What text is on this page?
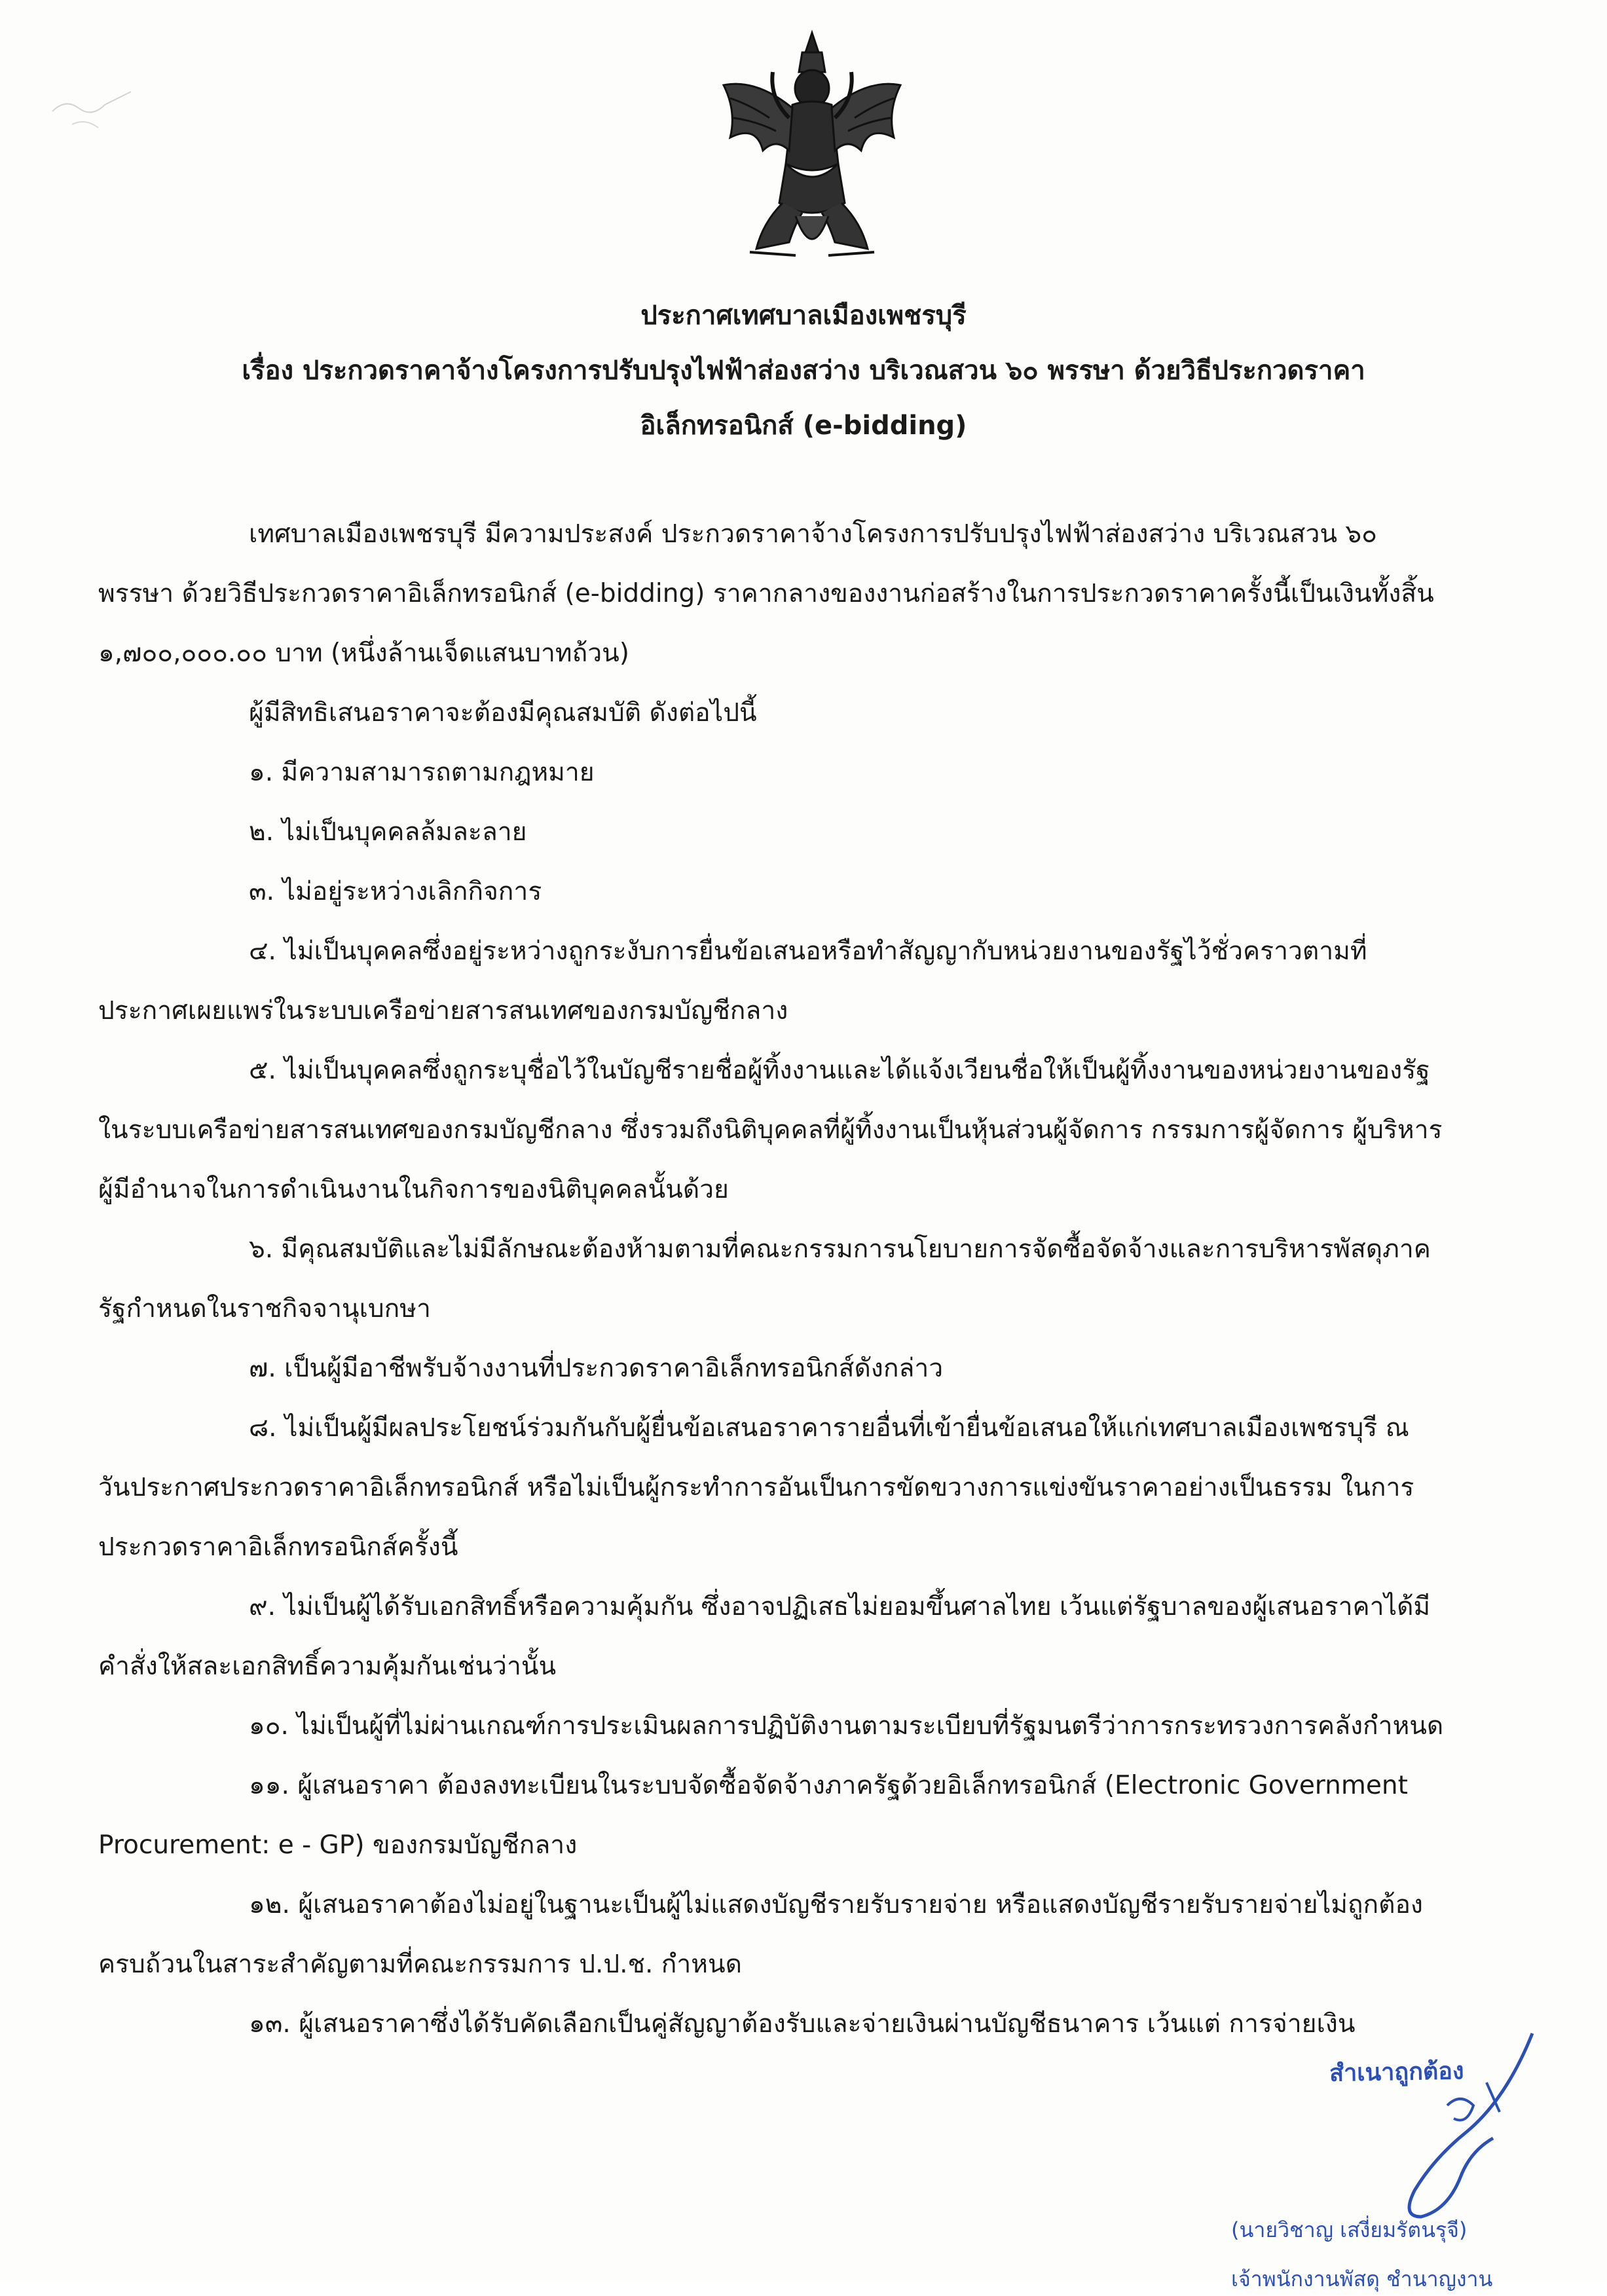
ประกาศเทศบาลเมืองเพชรบุรี
เรื่อง ประกวดราคาจ้างโครงการปรับปรุงไฟฟ้าส่องสว่าง บริเวณสวน ๖๐ พรรษา ด้วยวิธีประกวดราคา
อิเล็กทรอนิกส์ (e-bidding)

เทศบาลเมืองเพชรบุรี มีความประสงค์ ประกวดราคาจ้างโครงการปรับปรุงไฟฟ้าส่องสว่าง บริเวณสวน ๖๐ พรรษา ด้วยวิธีประกวดราคาอิเล็กทรอนิกส์ (e-bidding) ราคากลางของงานก่อสร้างในการประกวดราคาครั้งนี้เป็นเงินทั้งสิ้น ๑,๗๐๐,๐๐๐.๐๐ บาท (หนึ่งล้านเจ็ดแสนบาทถ้วน)

ผู้มีสิทธิเสนอราคาจะต้องมีคุณสมบัติ ดังต่อไปนี้

๑. มีความสามารถตามกฎหมาย

๒. ไม่เป็นบุคคลล้มละลาย

๓. ไม่อยู่ระหว่างเลิกกิจการ

๔. ไม่เป็นบุคคลซึ่งอยู่ระหว่างถูกระงับการยื่นข้อเสนอหรือทำสัญญากับหน่วยงานของรัฐไว้ชั่วคราวตามที่ประกาศเผยแพร่ในระบบเครือข่ายสารสนเทศของกรมบัญชีกลาง

๕. ไม่เป็นบุคคลซึ่งถูกระบุชื่อไว้ในบัญชีรายชื่อผู้ทิ้งงานและได้แจ้งเวียนชื่อให้เป็นผู้ทิ้งงานของหน่วยงานของรัฐในระบบเครือข่ายสารสนเทศของกรมบัญชีกลาง ซึ่งรวมถึงนิติบุคคลที่ผู้ทิ้งงานเป็นหุ้นส่วนผู้จัดการ กรรมการผู้จัดการ ผู้บริหาร ผู้มีอำนาจในการดำเนินงานในกิจการของนิติบุคคลนั้นด้วย

๖. มีคุณสมบัติและไม่มีลักษณะต้องห้ามตามที่คณะกรรมการนโยบายการจัดซื้อจัดจ้างและการบริหารพัสดุภาครัฐกำหนดในราชกิจจานุเบกษา

๗. เป็นผู้มีอาชีพรับจ้างงานที่ประกวดราคาอิเล็กทรอนิกส์ดังกล่าว

๘. ไม่เป็นผู้มีผลประโยชน์ร่วมกันกับผู้ยื่นข้อเสนอราคารายอื่นที่เข้ายื่นข้อเสนอให้แก่เทศบาลเมืองเพชรบุรี ณ วันประกาศประกวดราคาอิเล็กทรอนิกส์ หรือไม่เป็นผู้กระทำการอันเป็นการขัดขวางการแข่งขันราคาอย่างเป็นธรรม ในการประกวดราคาอิเล็กทรอนิกส์ครั้งนี้

๙. ไม่เป็นผู้ได้รับเอกสิทธิ์หรือความคุ้มกัน ซึ่งอาจปฏิเสธไม่ยอมขึ้นศาลไทย เว้นแต่รัฐบาลของผู้เสนอราคาได้มีคำสั่งให้สละเอกสิทธิ์ความคุ้มกันเช่นว่านั้น

๑๐. ไม่เป็นผู้ที่ไม่ผ่านเกณฑ์การประเมินผลการปฏิบัติงานตามระเบียบที่รัฐมนตรีว่าการกระทรวงการคลังกำหนด

๑๑. ผู้เสนอราคา ต้องลงทะเบียนในระบบจัดซื้อจัดจ้างภาครัฐด้วยอิเล็กทรอนิกส์ (Electronic Government Procurement: e - GP) ของกรมบัญชีกลาง

๑๒. ผู้เสนอราคาต้องไม่อยู่ในฐานะเป็นผู้ไม่แสดงบัญชีรายรับรายจ่าย หรือแสดงบัญชีรายรับรายจ่ายไม่ถูกต้องครบถ้วนในสาระสำคัญตามที่คณะกรรมการ ป.ป.ช. กำหนด

๑๓. ผู้เสนอราคาซึ่งได้รับคัดเลือกเป็นคู่สัญญาต้องรับและจ่ายเงินผ่านบัญชีธนาคาร เว้นแต่ การจ่ายเงิน

สำเนาถูกต้อง
(นายวิชาญ เสงี่ยมรัตนรุจี)
เจ้าพนักงานพัสดุ ชำนาญงาน
